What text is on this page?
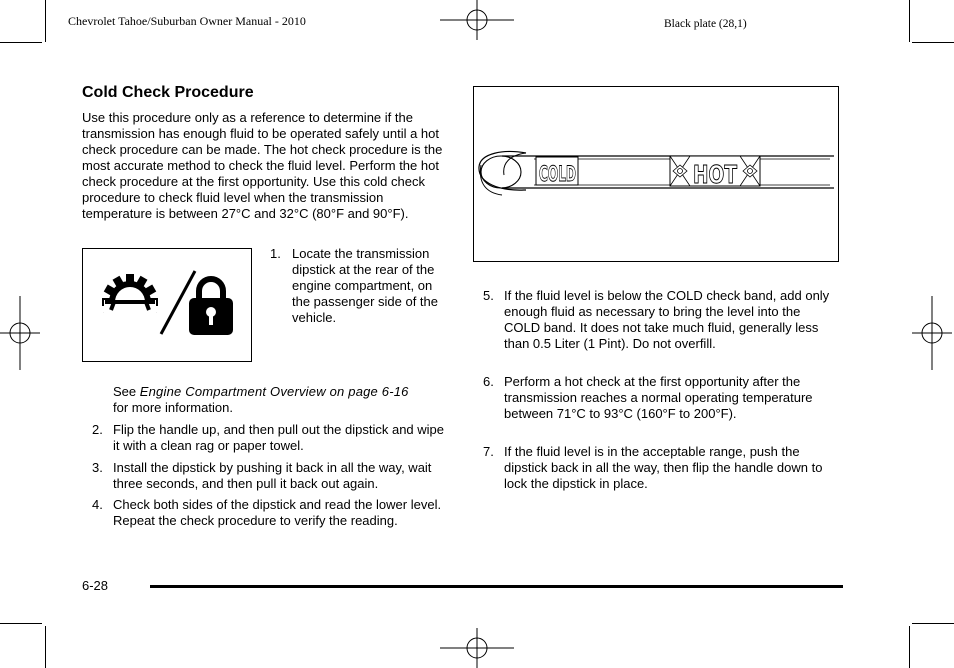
Chevrolet Tahoe/Suburban Owner Manual - 2010	Black plate (28,1)
Cold Check Procedure

Use this procedure only as a reference to determine if the transmission has enough fluid to be operated safely until a hot check procedure can be made. The hot check procedure is the most accurate method to check the fluid level. Perform the hot check procedure at the first opportunity. Use this cold check procedure to check fluid level when the transmission temperature is between 27°C and 32°C (80°F and 90°F).

1. Locate the transmission dipstick at the rear of the engine compartment, on the passenger side of the vehicle.
See Engine Compartment Overview on page 6-16
for more information.
2. Flip the handle up, and then pull out the dipstick and wipe it with a clean rag or paper towel.
3. Install the dipstick by pushing it back in all the way, wait three seconds, and then pull it back out again.
4. Check both sides of the dipstick and read the lower level. Repeat the check procedure to verify the reading.
COLD	HOT
5. If the fluid level is below the COLD check band, add only enough fluid as necessary to bring the level into the COLD band. It does not take much fluid, generally less than 0.5 Liter (1 Pint). Do not overfill.
6. Perform a hot check at the first opportunity after the transmission reaches a normal operating temperature between 71°C to 93°C (160°F to 200°F).
7. If the fluid level is in the acceptable range, push the dipstick back in all the way, then flip the handle down to lock the dipstick in place.
6-28
